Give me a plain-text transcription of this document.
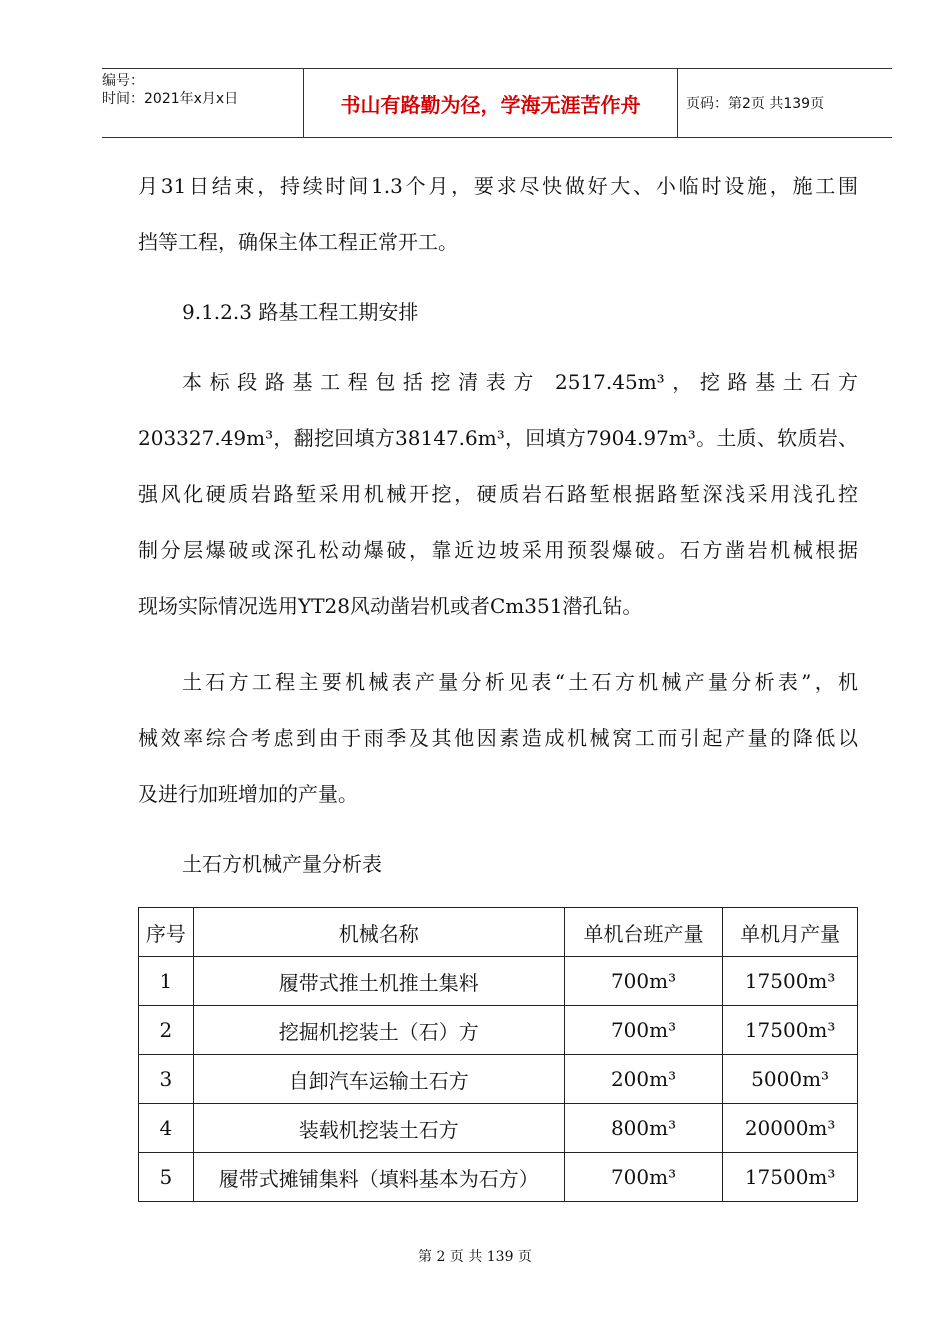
编号：
时间：2021年x月x日	书山有路勤为径，学海无涯苦作舟	页码：第2页 共139页
月31日结束，持续时间1.3个月，要求尽快做好大、小临时设施，施工围
挡等工程，确保主体工程正常开工。
9.1.2.3 路基工程工期安排
本标段路基工程包括挖清表方 2517.45m³，挖路基土石方
203327.49m³，翻挖回填方38147.6m³，回填方7904.97m³。土质、软质岩、
强风化硬质岩路堑采用机械开挖，硬质岩石路堑根据路堑深浅采用浅孔控
制分层爆破或深孔松动爆破，靠近边坡采用预裂爆破。石方凿岩机械根据
现场实际情况选用YT28风动凿岩机或者Cm351潜孔钻。
土石方工程主要机械表产量分析见表“土石方机械产量分析表”，机
械效率综合考虑到由于雨季及其他因素造成机械窝工而引起产量的降低以
及进行加班增加的产量。
土石方机械产量分析表
序号	机械名称	单机台班产量	单机月产量
1	履带式推土机推土集料	700m³	17500m³
2	挖掘机挖装土（石）方	700m³	17500m³
3	自卸汽车运输土石方	200m³	5000m³
4	装载机挖装土石方	800m³	20000m³
5	履带式摊铺集料（填料基本为石方）	700m³	17500m³
第 2 页 共 139 页
